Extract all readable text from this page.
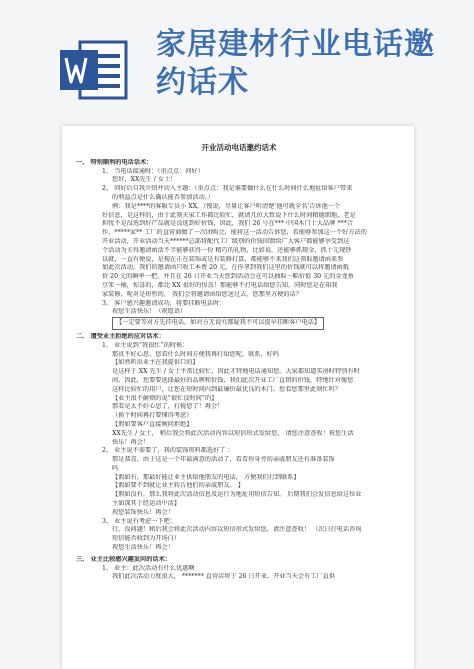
家居建材行业电话邀约话术
开业活动电话邀约话术
一、 特别顺利的电话话术：
1、 当电话接通时：（重点点：问好）
您好，XX先生 / 女士！
2、 问好后自我介绍并切入主题：（重点点：我是谁要做什么在什么时间什么地址给客户带来
的利益点是什么确认能否参加活动。）
例：我是****的客服专员小 XX。（慢说，尽量让客户听清楚‘他可就全名’告诉他一个
好信息，是这样的，由于此刻天家工作都比较忙，就请几位大致说下什么时间精德细地，老是
担忧不是没选到好产品就是没选到好价钱，因此，我们 26 号在*** 中国木门十大品牌 ***合
作，*****家** 工厂的直营商做了一次团购会，能将这一活动告诉您，看能够参加这一个好方法的
开业活动，开业活动当天******总部将配代工厂级别的价钱回馈给广大客户都能够享受到这
个活动为关得邀请函活不半能够获得一份 精巧的礼物，比如说，还能够抓现金，抓十元现钞
以就，一直有便说，是现在正在装饰或是有装修打算，都能够不来我们这领取邀请函来参
加此次活动，我们的邀请函只收工本费 20 元，在你拿到我们这里的价钱就可以将邀请函抵
价 20 元的瞬率一把，并且在 26 日开业当天您到活动会在可以抽取一幅价值 30 元的金龙鱼
豆浆一桶，惊喜的，都比 XX 很好的惊喜！那能够不打电话给您告知，同时您是在知我
家装修，呢对是短暂的， 我们会将邀请函给您送过去，您那里方便的话？
3、 客户感兴趣邀请成功，将要挂断电话时：
祝您生活快乐！（祝愿语）
【一定要等对方先挂电话，如对方无说究都疑我不可以提早挂断客户电话】
二、 遭受业主拒绝的应对话术：
1、 业主说到“我很忙”的时候：
那真不好心思，您看什么时间方便我再打给您呢，联系，好吗
【如然听出业主在我提供口的】
是这样于 XX 先生 / 女士平常比较忙，因此才特地电话通知您。大家都知道买房时特别有时
间，因此，您要要选择最好的品牌和价钱，我们此次开业工厂直销的价钱，特地针对像您
这样比较忙的用户，让您在短时间内到最廉价最优良的木门。您看您那里此刻忙吗？
【业主很不耐烦的说“很忙没时间”的】
那看是太不好心思了，打搅您了！再会！
（换个时间再打要懂得考虑）
【假如要客户直接婉问拒绝】
XX先生 / 女士， 稍后我会将此次活动内容以短信形式发给您， 请您注意查收！祝您生活
快乐！再会！
2、 业主说不需要了，我的装饰资料都选好了 ：
那是恭喜，由于这是一个年最满意的活动了，看看你身旁的亲戚朋友还有准备装饰
吗
【假如有，那最好能让业主供给他朋友的电话， 方便我们打到联系】
【假如要不到就让业主转告他们的亲戚朋友。 】
【假如没有，那么我将此次活动信息及运行为地址用短信告知， 后期我们会发信息给这位业
主如深其于经运动中活】
祝您装饰快乐！再会！
3、 业主说有考虑一下吧：
行，没问题！稍后我会将此次活动内容以短信形式发给您，请注意查收！ （次日打电话咨询
短信能否收到为开场白）
祝您生活快乐！再会！
三、 业主比较感兴趣发问的话术：
1、 业主：此次活动有什么优惠啊
我们此次活动力度很大， ******* 直营店将于 26 日开业，开业当天会有工厂直供
